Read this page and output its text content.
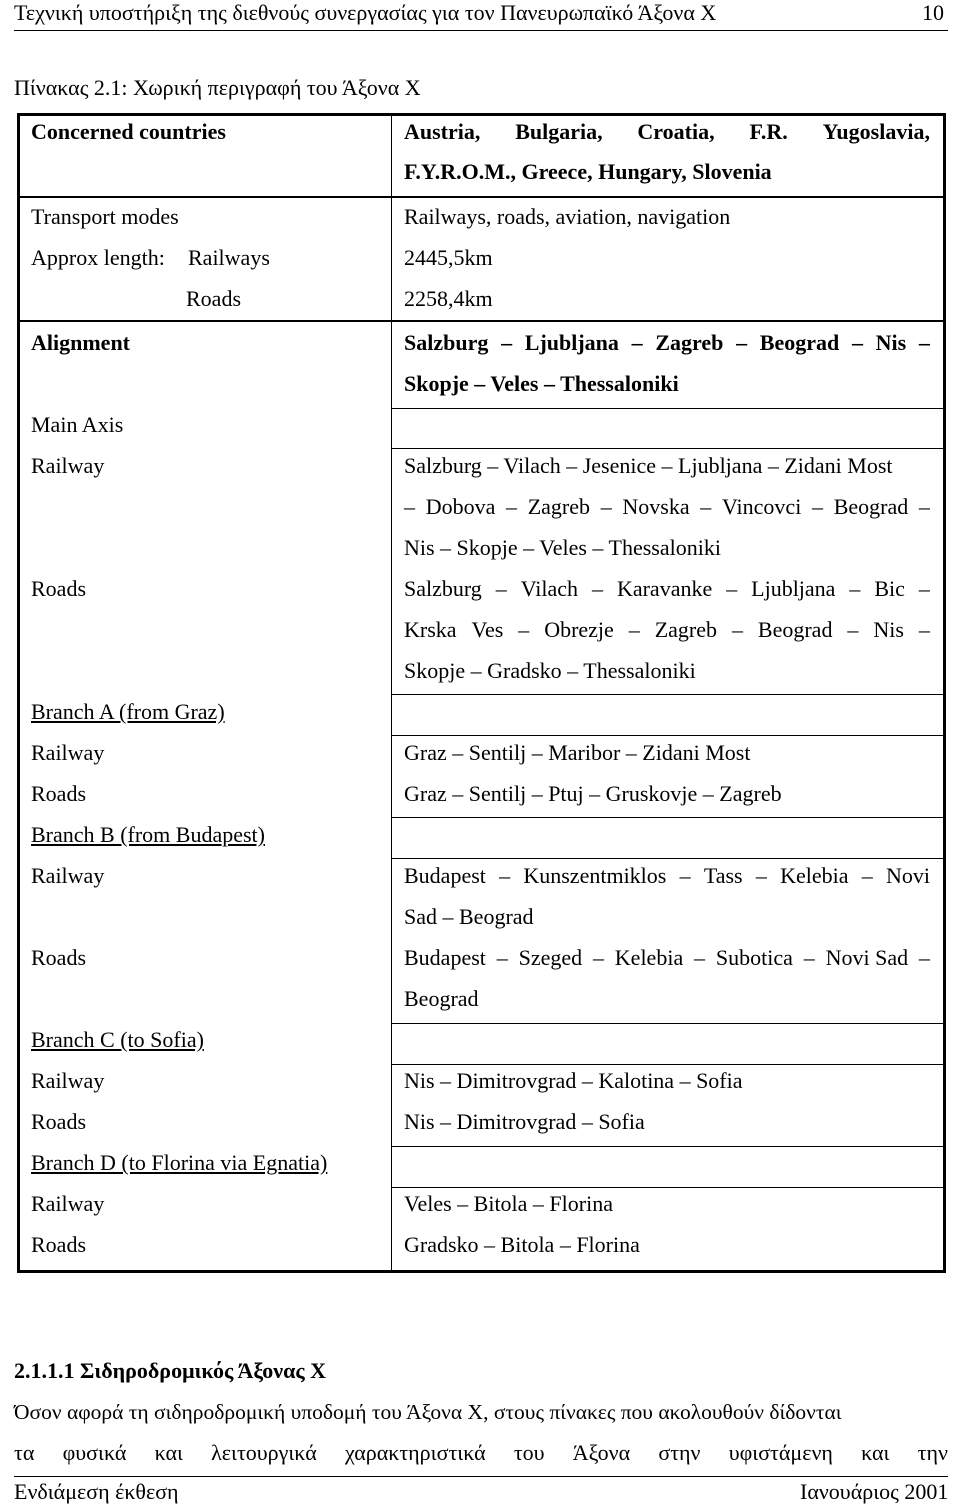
Τεχνική υποστήριξη της διεθνούς συνεργασίας για τον Πανευρωπαϊκό Άξονα Χ	10
Πίνακας 2.1: Χωρική περιγραφή του Άξονα Χ
Concerned countries	Austria, Bulgaria, Croatia, F.R. Yugoslavia,
F.Y.R.O.M., Greece, Hungary, Slovenia
Transport modes	Railways, roads, aviation, navigation
Approx length: Railways	2445,5km
Roads	2258,4km
Alignment	Salzburg – Ljubljana – Zagreb – Beograd – Nis –
Skopje – Veles – Thessaloniki
Main Axis
Railway	Salzburg – Vilach – Jesenice – Ljubljana – Zidani Most
– Dobova – Zagreb – Novska – Vincovci – Beograd –
Nis – Skopje – Veles – Thessaloniki
Roads	Salzburg – Vilach – Karavanke – Ljubljana – Bic –
Krska Ves – Obrezje – Zagreb – Beograd – Nis –
Skopje – Gradsko – Thessaloniki
Branch A (from Graz)
Railway	Graz – Sentilj – Maribor – Zidani Most
Roads	Graz – Sentilj – Ptuj – Gruskovje – Zagreb
Branch B (from Budapest)
Railway	Budapest – Kunszentmiklos – Tass – Kelebia – Novi
Sad – Beograd
Roads	Budapest – Szeged – Kelebia – Subotica – Novi Sad –
Beograd
Branch C (to Sofia)
Railway	Nis – Dimitrovgrad – Kalotina – Sofia
Roads	Nis – Dimitrovgrad – Sofia
Branch D (to Florina via Egnatia)
Railway	Veles – Bitola – Florina
Roads	Gradsko – Bitola – Florina
2.1.1.1 Σιδηροδρομικός Άξονας Χ
Όσον αφορά τη σιδηροδρομική υποδομή του Άξονα Χ, στους πίνακες που ακολουθούν δίδονται
τα φυσικά και λειτουργικά χαρακτηριστικά του Άξονα στην υφιστάμενη και την
Ενδιάμεση έκθεση	Ιανουάριος 2001
